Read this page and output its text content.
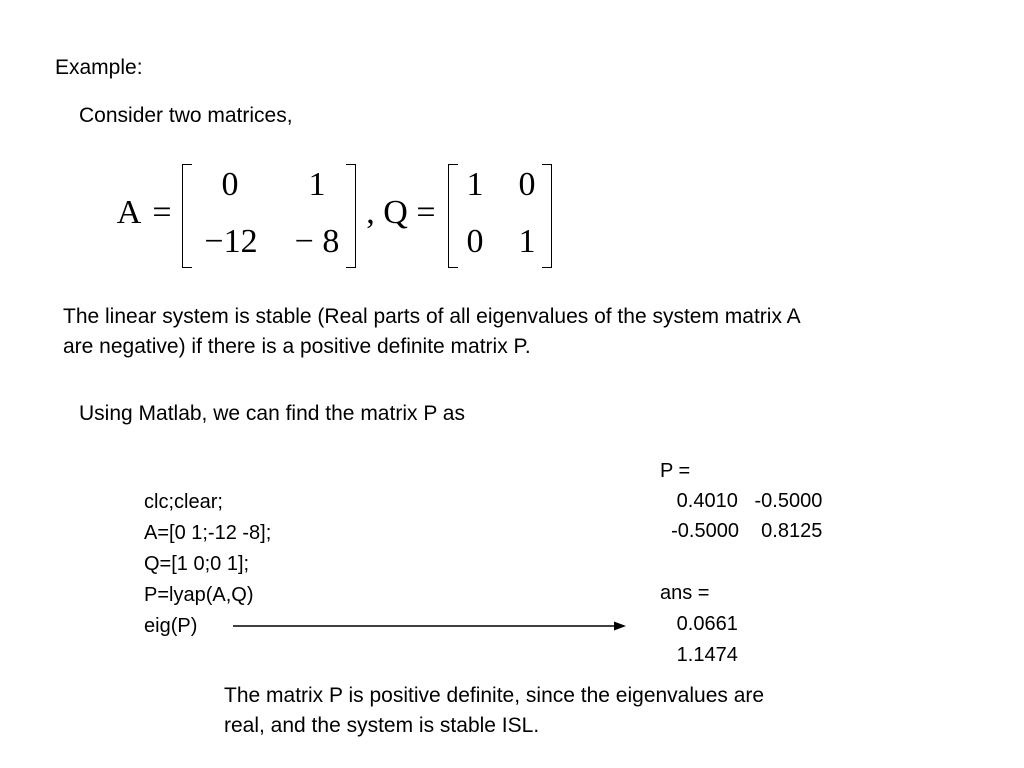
Example:
Consider two matrices,
A =
0	1
−12	− 8
, Q =
1 0
0 1
The linear system is stable (Real parts of all eigenvalues of the system matrix A
are negative) if there is a positive definite matrix P.
Using Matlab, we can find the matrix P as
clc;clear;
A=[0 1;-12 -8];
Q=[1 0;0 1];
P=lyap(A,Q)
eig(P)
P =
0.4010   -0.5000
-0.5000    0.8125
ans =
0.0661
1.1474
The matrix P is positive definite, since the eigenvalues are
real, and the system is stable ISL.
